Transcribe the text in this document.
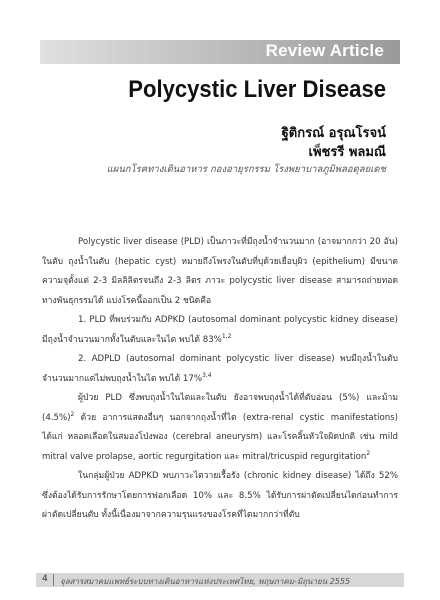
Review Article
Polycystic Liver Disease
ฐิติกรณ์ อรุณโรจน์
เพ็ชรรี พลมณี
แผนกโรคทางเดินอาหาร กองอายุรกรรม โรงพยาบาลภูมิพลอดุลยเดช

Polycystic liver disease (PLD) เป็นภาวะที่มีถุงน้ำจำนวนมาก (อาจมากกว่า 20 อัน) ในตับ ถุงน้ำในตับ (hepatic cyst) หมายถึงโพรงในตับที่บุด้วยเยื่อบุผิว (epithelium) มีขนาดความจุตั้งแต่ 2-3 มิลลิลิตรจนถึง 2-3 ลิตร ภาวะ polycystic liver disease สามารถถ่ายทอดทางพันธุกรรมได้ แบ่งโรคนี้ออกเป็น 2 ชนิดคือ

1. PLD ที่พบร่วมกับ ADPKD (autosomal dominant polycystic kidney disease) มีถุงน้ำจำนวนมากทั้งในตับและในไต พบได้ 83%$^{1,2}$

2. ADPLD (autosomal dominant polycystic liver disease) พบมีถุงน้ำในตับจำนวนมากแต่ไม่พบถุงน้ำในไต พบได้ 17%$^{3,4}$

ผู้ป่วย PLD ซึ่งพบถุงน้ำในไตและในตับ ยังอาจพบถุงน้ำได้ที่ตับอ่อน (5%) และม้าม $(4.5\%)^2$ ด้วย อาการแสดงอื่นๆ นอกจากถุงน้ำที่ไต (extra-renal cystic manifestations) ได้แก่ หลอดเลือดในสมองโป่งพอง (cerebral aneurysm) และโรคลิ้นหัวใจผิดปกติ เช่น mild mitral valve prolapse, aortic regurgitation และ mitral/tricuspid regurgitation$^2$

ในกลุ่มผู้ป่วย ADPKD พบภาวะไตวายเรื้อรัง (chronic kidney disease) ได้ถึง 52% ซึ่งต้องได้รับการรักษาโดยการฟอกเลือด 10% และ 8.5% ได้รับการผ่าตัดเปลี่ยนไตก่อนทำการผ่าตัดเปลี่ยนตับ ทั้งนี้เนื่องมาจากความรุนแรงของโรคที่ไตมากกว่าที่ตับ

4 จุลสารสมาคมแพทย์ระบบทางเดินอาหารแห่งประเทศไทย, พฤษภาคม-มิถุนายน 2555
